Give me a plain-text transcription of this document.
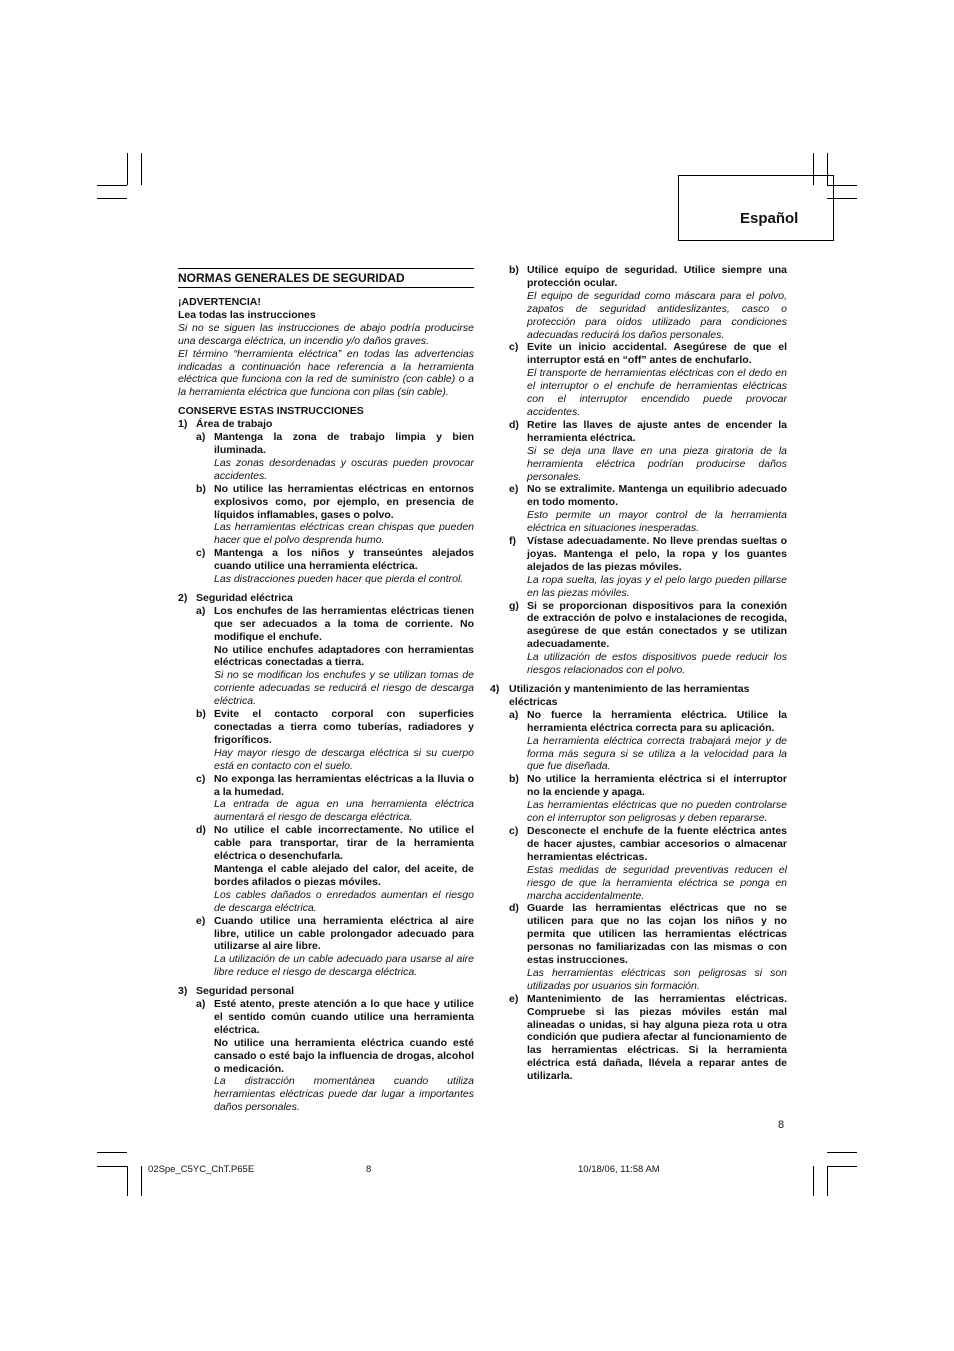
Español
NORMAS GENERALES DE SEGURIDAD
¡ADVERTENCIA!
Lea todas las instrucciones
Si no se siguen las instrucciones de abajo podría producirse una descarga eléctrica, un incendio y/o daños graves.
El término “herramienta eléctrica” en todas las advertencias indicadas a continuación hace referencia a la herramienta eléctrica que funciona con la red de suministro (con cable) o a la herramienta eléctrica que funciona con pilas (sin cable).
CONSERVE ESTAS INSTRUCCIONES
1) Área de trabajo
a) Mantenga la zona de trabajo limpia y bien iluminada.

Las zonas desordenadas y oscuras pueden provocar accidentes.

b) No utilice las herramientas eléctricas en entornos explosivos como, por ejemplo, en presencia de líquidos inflamables, gases o polvo.

Las herramientas eléctricas crean chispas que pueden hacer que el polvo desprenda humo.

c) Mantenga a los niños y transeúntes alejados cuando utilice una herramienta eléctrica.

Las distracciones pueden hacer que pierda el control.

2) Seguridad eléctrica
a) Los enchufes de las herramientas eléctricas tienen que ser adecuados a la toma de corriente. No modifique el enchufe.

No utilice enchufes adaptadores con herramientas eléctricas conectadas a tierra.

Si no se modifican los enchufes y se utilizan tomas de corriente adecuadas se reducirá el riesgo de descarga eléctrica.

b) Evite el contacto corporal con superficies conectadas a tierra como tuberías, radiadores y frigoríficos.

Hay mayor riesgo de descarga eléctrica si su cuerpo está en contacto con el suelo.

c) No exponga las herramientas eléctricas a la lluvia o a la humedad.

La entrada de agua en una herramienta eléctrica aumentará el riesgo de descarga eléctrica.

d) No utilice el cable incorrectamente. No utilice el cable para transportar, tirar de la herramienta eléctrica o desenchufarla.

Mantenga el cable alejado del calor, del aceite, de bordes afilados o piezas móviles.

Los cables dañados o enredados aumentan el riesgo de descarga eléctrica.

e) Cuando utilice una herramienta eléctrica al aire libre, utilice un cable prolongador adecuado para utilizarse al aire libre.

La utilización de un cable adecuado para usarse al aire libre reduce el riesgo de descarga eléctrica.

3) Seguridad personal
a) Esté atento, preste atención a lo que hace y utilice el sentido común cuando utilice una herramienta eléctrica.

No utilice una herramienta eléctrica cuando esté cansado o esté bajo la influencia de drogas, alcohol o medicación.

La distracción momentánea cuando utiliza herramientas eléctricas puede dar lugar a importantes daños personales.

b) Utilice equipo de seguridad. Utilice siempre una protección ocular.

El equipo de seguridad como máscara para el polvo, zapatos de seguridad antideslizantes, casco o protección para oídos utilizado para condiciones adecuadas reducirá los daños personales.

c) Evite un inicio accidental. Asegúrese de que el interruptor está en “off” antes de enchufarlo.

El transporte de herramientas eléctricas con el dedo en el interruptor o el enchufe de herramientas eléctricas con el interruptor encendido puede provocar accidentes.

d) Retire las llaves de ajuste antes de encender la herramienta eléctrica.

Si se deja una llave en una pieza giratoria de la herramienta eléctrica podrían producirse daños personales.

e) No se extralimite. Mantenga un equilibrio adecuado en todo momento.

Esto permite un mayor control de la herramienta eléctrica en situaciones inesperadas.

f) Vístase adecuadamente. No lleve prendas sueltas o joyas. Mantenga el pelo, la ropa y los guantes alejados de las piezas móviles.

La ropa suelta, las joyas y el pelo largo pueden pillarse en las piezas móviles.

g) Si se proporcionan dispositivos para la conexión de extracción de polvo e instalaciones de recogida, asegúrese de que están conectados y se utilizan adecuadamente.

La utilización de estos dispositivos puede reducir los riesgos relacionados con el polvo.

4) Utilización y mantenimiento de las herramientas eléctricas
a) No fuerce la herramienta eléctrica. Utilice la herramienta eléctrica correcta para su aplicación.

La herramienta eléctrica correcta trabajará mejor y de forma más segura si se utiliza a la velocidad para la que fue diseñada.

b) No utilice la herramienta eléctrica si el interruptor no la enciende y apaga.

Las herramientas eléctricas que no pueden controlarse con el interruptor son peligrosas y deben repararse.

c) Desconecte el enchufe de la fuente eléctrica antes de hacer ajustes, cambiar accesorios o almacenar herramientas eléctricas.

Estas medidas de seguridad preventivas reducen el riesgo de que la herramienta eléctrica se ponga en marcha accidentalmente.

d) Guarde las herramientas eléctricas que no se utilicen para que no las cojan los niños y no permita que utilicen las herramientas eléctricas personas no familiarizadas con las mismas o con estas instrucciones.

Las herramientas eléctricas son peligrosas si son utilizadas por usuarios sin formación.

e) Mantenimiento de las herramientas eléctricas. Compruebe si las piezas móviles están mal alineadas o unidas, si hay alguna pieza rota u otra condición que pudiera afectar al funcionamiento de las herramientas eléctricas. Si la herramienta eléctrica está dañada, llévela a reparar antes de utilizarla.

8
02Spe_C5YC_ChT.P65E	8	10/18/06, 11:58 AM
